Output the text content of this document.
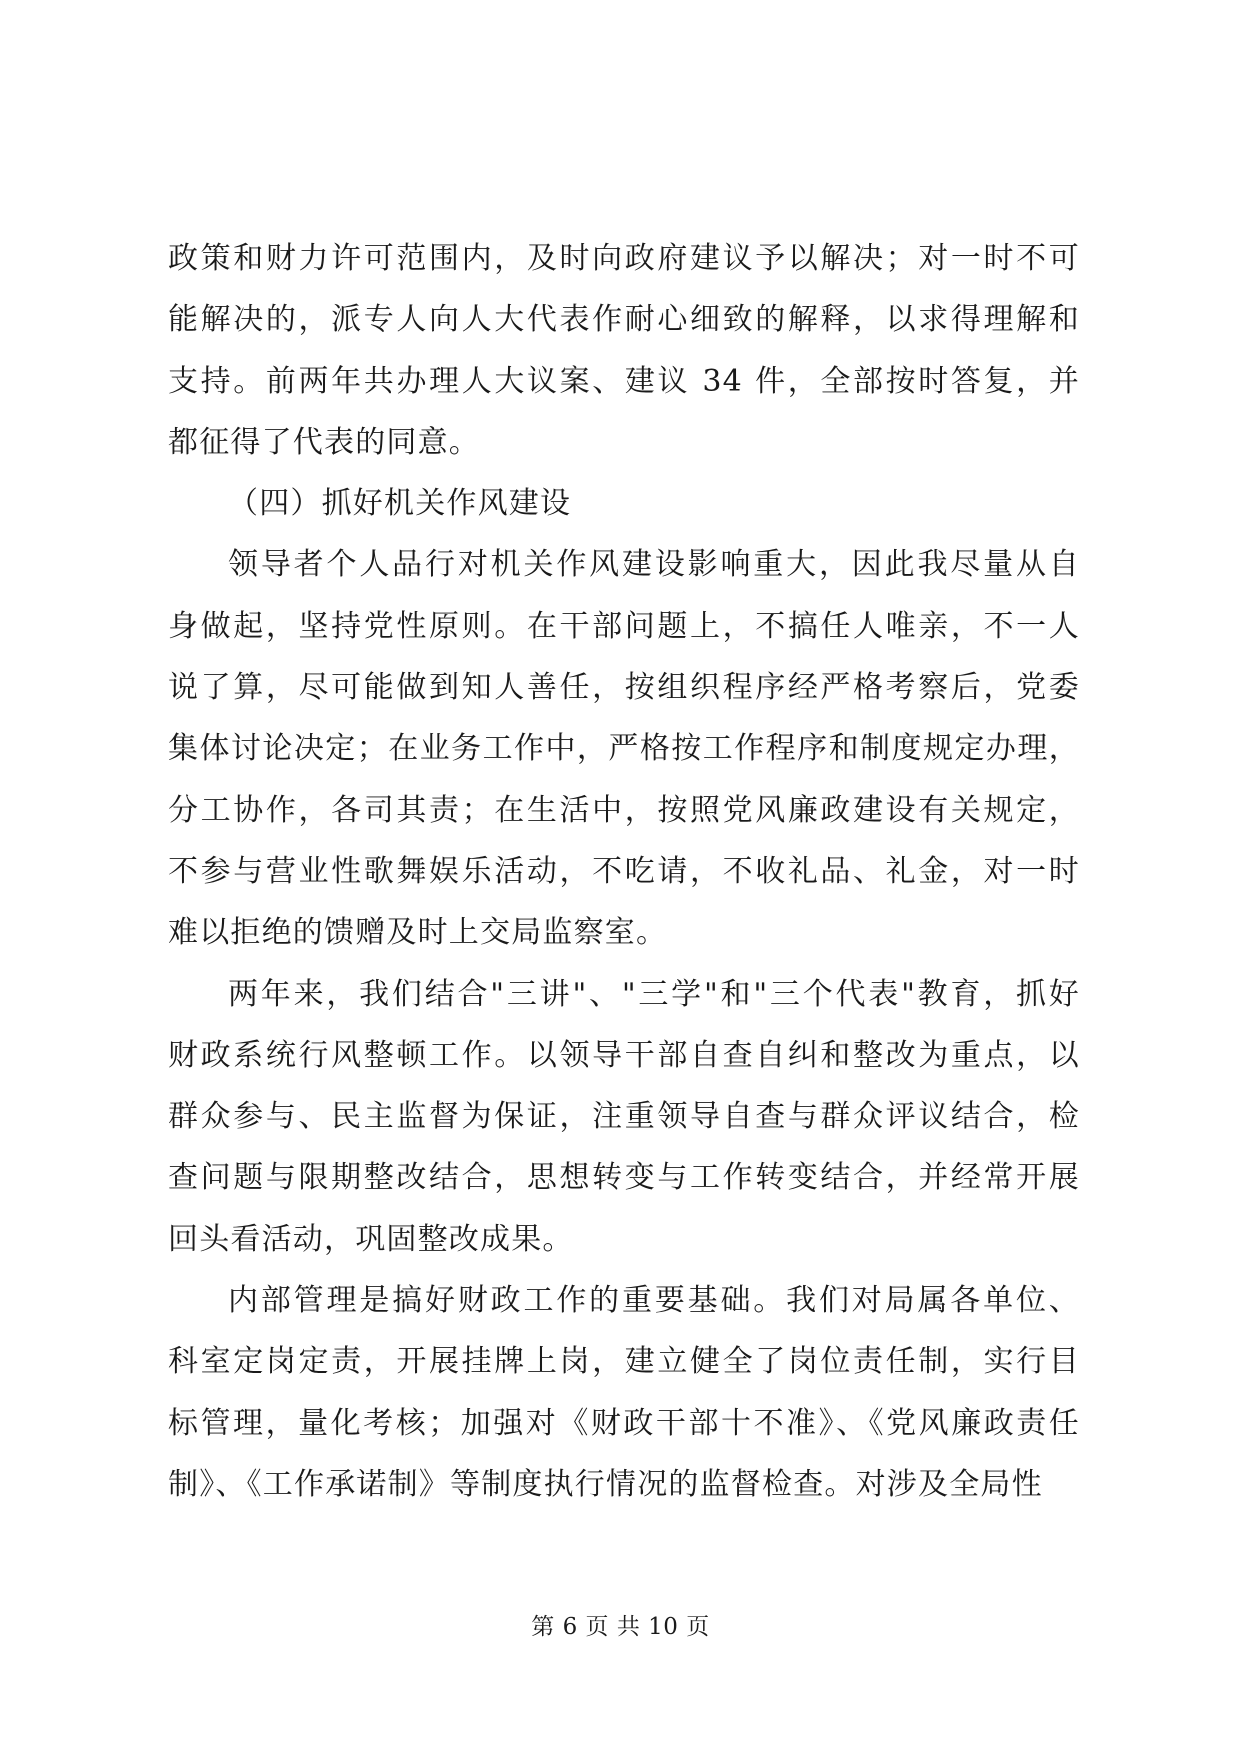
政策和财力许可范围内，及时向政府建议予以解决；对一时不可
能解决的，派专人向人大代表作耐心细致的解释，以求得理解和
支持。前两年共办理人大议案、建议 34 件，全部按时答复，并
都征得了代表的同意。
（四）抓好机关作风建设
领导者个人品行对机关作风建设影响重大，因此我尽量从自
身做起，坚持党性原则。在干部问题上，不搞任人唯亲，不一人
说了算，尽可能做到知人善任，按组织程序经严格考察后，党委
集体讨论决定；在业务工作中，严格按工作程序和制度规定办理，
分工协作，各司其责；在生活中，按照党风廉政建设有关规定，
不参与营业性歌舞娱乐活动，不吃请，不收礼品、礼金，对一时
难以拒绝的馈赠及时上交局监察室。
两年来，我们结合"三讲"、"三学"和"三个代表"教育，抓好
财政系统行风整顿工作。以领导干部自查自纠和整改为重点，以
群众参与、民主监督为保证，注重领导自查与群众评议结合，检
查问题与限期整改结合，思想转变与工作转变结合，并经常开展
回头看活动，巩固整改成果。
内部管理是搞好财政工作的重要基础。我们对局属各单位、
科室定岗定责，开展挂牌上岗，建立健全了岗位责任制，实行目
标管理，量化考核；加强对《财政干部十不准》、《党风廉政责任
制》、《工作承诺制》等制度执行情况的监督检查。对涉及全局性
第 6 页 共 10 页
